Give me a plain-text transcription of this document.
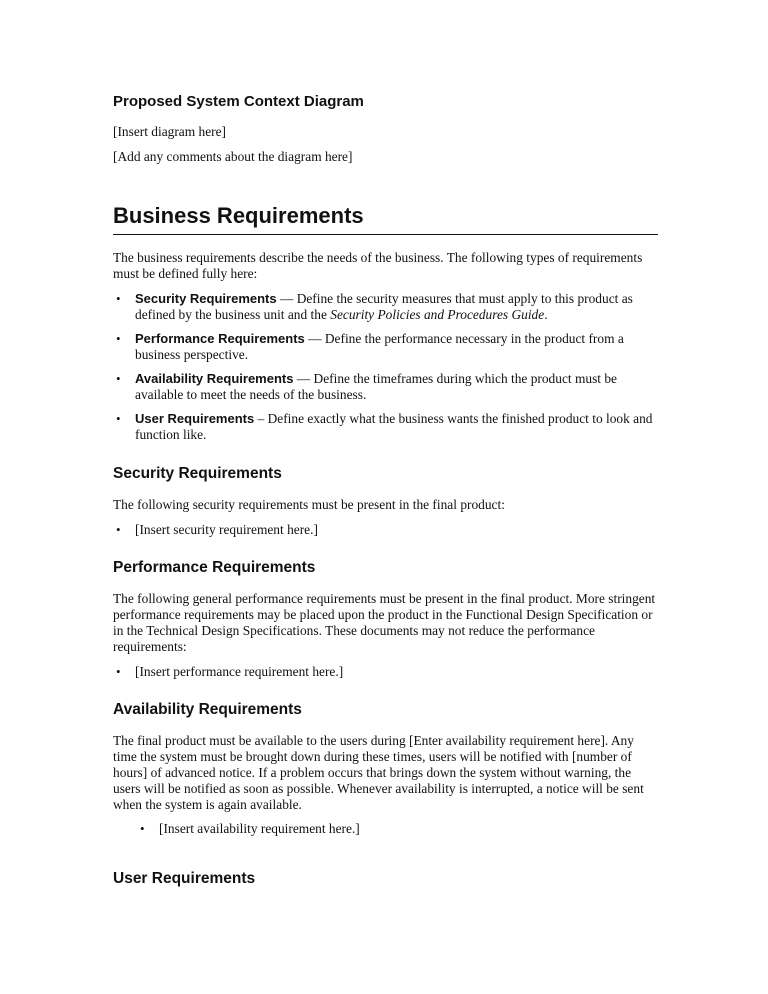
Proposed System Context Diagram

[Insert diagram here]

[Add any comments about the diagram here]

Business Requirements

The business requirements describe the needs of the business. The following types of requirements must be defined fully here:

• Security Requirements — Define the security measures that must apply to this product as defined by the business unit and the Security Policies and Procedures Guide.
• Performance Requirements — Define the performance necessary in the product from a business perspective.
• Availability Requirements — Define the timeframes during which the product must be available to meet the needs of the business.
• User Requirements – Define exactly what the business wants the finished product to look and function like.
Security Requirements

The following security requirements must be present in the final product:

• [Insert security requirement here.]
Performance Requirements

The following general performance requirements must be present in the final product. More stringent performance requirements may be placed upon the product in the Functional Design Specification or in the Technical Design Specifications. These documents may not reduce the performance requirements:

• [Insert performance requirement here.]
Availability Requirements

The final product must be available to the users during [Enter availability requirement here]. Any time the system must be brought down during these times, users will be notified with [number of hours] of advanced notice. If a problem occurs that brings down the system without warning, the users will be notified as soon as possible. Whenever availability is interrupted, a notice will be sent when the system is again available.

• [Insert availability requirement here.]
User Requirements
